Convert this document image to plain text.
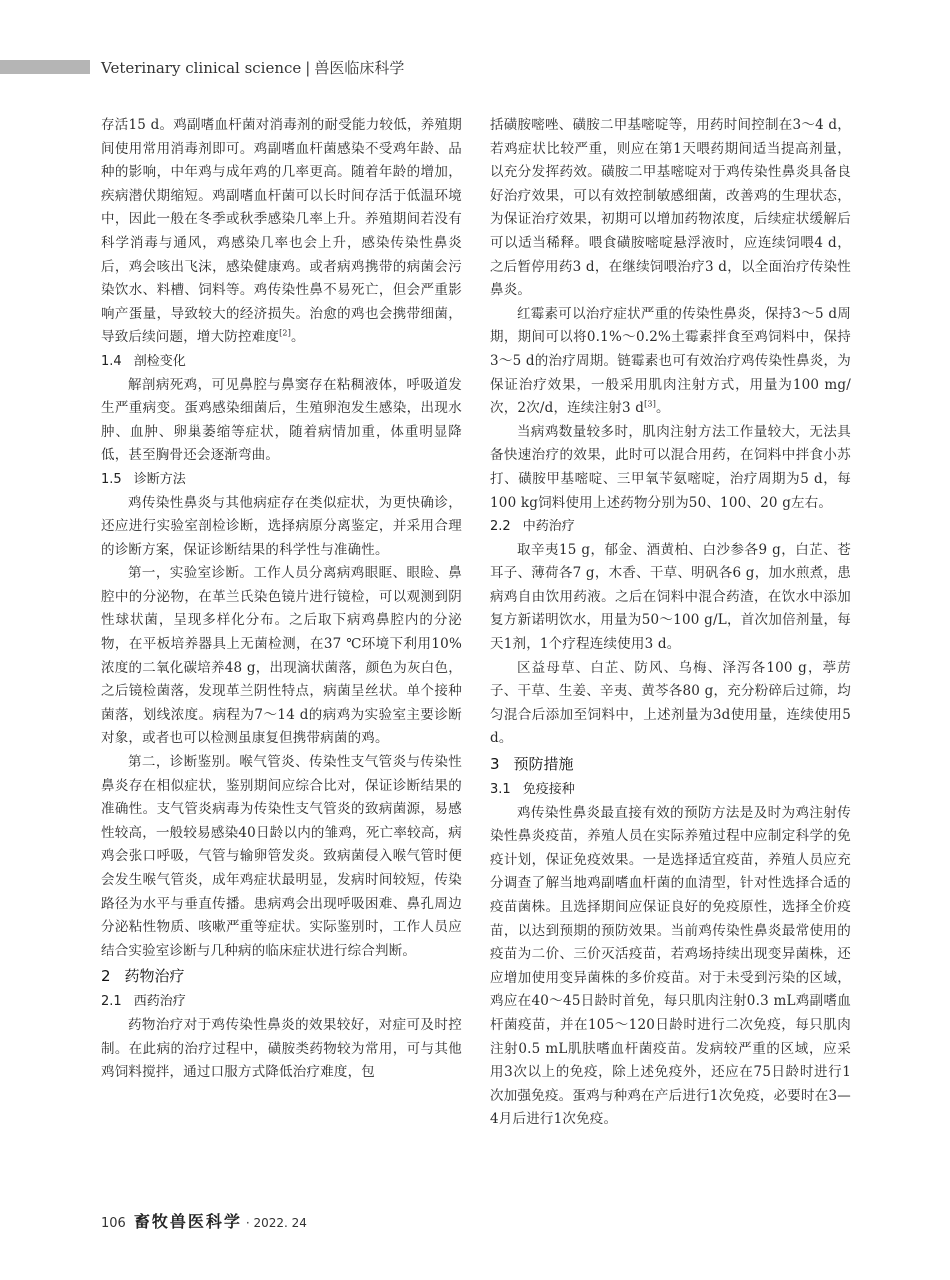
Veterinary clinical science | 兽医临床科学

存活15 d。鸡副嗜血杆菌对消毒剂的耐受能力较低，养殖期间使用常用消毒剂即可。鸡副嗜血杆菌感染不受鸡年龄、品种的影响，中年鸡与成年鸡的几率更高。随着年龄的增加，疾病潜伏期缩短。鸡副嗜血杆菌可以长时间存活于低温环境中，因此一般在冬季或秋季感染几率上升。养殖期间若没有科学消毒与通风，鸡感染几率也会上升，感染传染性鼻炎后，鸡会咳出飞沫，感染健康鸡。或者病鸡携带的病菌会污染饮水、料槽、饲料等。鸡传染性鼻不易死亡，但会严重影响产蛋量，导致较大的经济损失。治愈的鸡也会携带细菌，导致后续问题，增大防控难度[2]。

1.4 剖检变化

解剖病死鸡，可见鼻腔与鼻窦存在粘稠液体，呼吸道发生严重病变。蛋鸡感染细菌后，生殖卵泡发生感染，出现水肿、血肿、卵巢萎缩等症状，随着病情加重，体重明显降低，甚至胸骨还会逐渐弯曲。

1.5 诊断方法

鸡传染性鼻炎与其他病症存在类似症状，为更快确诊，还应进行实验室剖检诊断，选择病原分离鉴定，并采用合理的诊断方案，保证诊断结果的科学性与准确性。

第一，实验室诊断。工作人员分离病鸡眼眶、眼睑、鼻腔中的分泌物，在革兰氏染色镜片进行镜检，可以观测到阴性球状菌，呈现多样化分布。之后取下病鸡鼻腔内的分泌物，在平板培养器具上无菌检测，在37 ℃环境下利用10%浓度的二氧化碳培养48 g，出现滴状菌落，颜色为灰白色，之后镜检菌落，发现革兰阴性特点，病菌呈丝状。单个接种菌落，划线浓度。病程为7～14 d的病鸡为实验室主要诊断对象，或者也可以检测虽康复但携带病菌的鸡。

第二，诊断鉴别。喉气管炎、传染性支气管炎与传染性鼻炎存在相似症状，鉴别期间应综合比对，保证诊断结果的准确性。支气管炎病毒为传染性支气管炎的致病菌源，易感性较高，一般较易感染40日龄以内的雏鸡，死亡率较高，病鸡会张口呼吸，气管与输卵管发炎。致病菌侵入喉气管时便会发生喉气管炎，成年鸡症状最明显，发病时间较短，传染路径为水平与垂直传播。患病鸡会出现呼吸困难、鼻孔周边分泌粘性物质、咳嗽严重等症状。实际鉴别时，工作人员应结合实验室诊断与几种病的临床症状进行综合判断。

2 药物治疗

2.1 西药治疗

药物治疗对于鸡传染性鼻炎的效果较好，对症可及时控制。在此病的治疗过程中，磺胺类药物较为常用，可与其他鸡饲料搅拌，通过口服方式降低治疗难度，包

括磺胺嘧唑、磺胺二甲基嘧啶等，用药时间控制在3～4 d，若鸡症状比较严重，则应在第1天喂药期间适当提高剂量，以充分发挥药效。磺胺二甲基嘧啶对于鸡传染性鼻炎具备良好治疗效果，可以有效控制敏感细菌，改善鸡的生理状态，为保证治疗效果，初期可以增加药物浓度，后续症状缓解后可以适当稀释。喂食磺胺嘧啶悬浮液时，应连续饲喂4 d，之后暂停用药3 d，在继续饲喂治疗3 d，以全面治疗传染性鼻炎。

红霉素可以治疗症状严重的传染性鼻炎，保持3～5 d周期，期间可以将0.1%～0.2%土霉素拌食至鸡饲料中，保持3～5 d的治疗周期。链霉素也可有效治疗鸡传染性鼻炎，为保证治疗效果，一般采用肌肉注射方式，用量为100 mg/次，2次/d，连续注射3 d[3]。

当病鸡数量较多时，肌肉注射方法工作量较大，无法具备快速治疗的效果，此时可以混合用药，在饲料中拌食小苏打、磺胺甲基嘧啶、三甲氧苄氨嘧啶，治疗周期为5 d，每100 kg饲料使用上述药物分别为50、100、20 g左右。

2.2 中药治疗

取辛夷15 g，郁金、酒黄柏、白沙参各9 g，白芷、苍耳子、薄荷各7 g，木香、干草、明矾各6 g，加水煎煮，患病鸡自由饮用药液。之后在饲料中混合药渣，在饮水中添加复方新诺明饮水，用量为50～100 g/L，首次加倍剂量，每天1剂，1个疗程连续使用3 d。

区益母草、白芷、防风、乌梅、泽泻各100 g，葶苈子、干草、生姜、辛夷、黄芩各80 g，充分粉碎后过筛，均匀混合后添加至饲料中，上述剂量为3d使用量，连续使用5 d。

3 预防措施

3.1 免疫接种

鸡传染性鼻炎最直接有效的预防方法是及时为鸡注射传染性鼻炎疫苗，养殖人员在实际养殖过程中应制定科学的免疫计划，保证免疫效果。一是选择适宜疫苗，养殖人员应充分调查了解当地鸡副嗜血杆菌的血清型，针对性选择合适的疫苗菌株。且选择期间应保证良好的免疫原性，选择全价疫苗，以达到预期的预防效果。当前鸡传染性鼻炎最常使用的疫苗为二价、三价灭活疫苗，若鸡场持续出现变异菌株，还应增加使用变异菌株的多价疫苗。对于未受到污染的区域，鸡应在40～45日龄时首免，每只肌肉注射0.3 mL鸡副嗜血杆菌疫苗，并在105～120日龄时进行二次免疫，每只肌肉注射0.5 mL肌肤嗜血杆菌疫苗。发病较严重的区域，应采用3次以上的免疫，除上述免疫外，还应在75日龄时进行1次加强免疫。蛋鸡与种鸡在产后进行1次免疫，必要时在3—4月后进行1次免疫。

106 畜牧兽医科学 · 2022. 24
